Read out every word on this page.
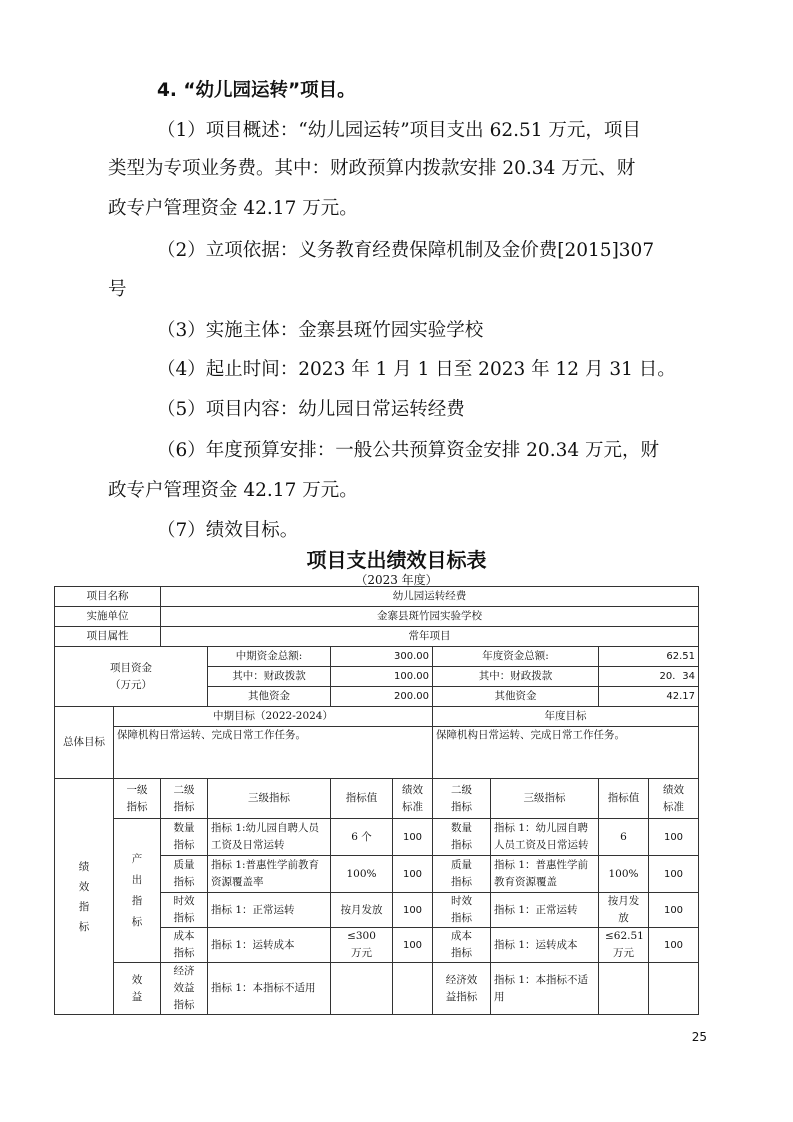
4. “幼儿园运转”项目。
（1）项目概述：“幼儿园运转”项目支出 62.51 万元，项目
类型为专项业务费。其中：财政预算内拨款安排 20.34 万元、财
政专户管理资金 42.17 万元。
（2）立项依据：义务教育经费保障机制及金价费[2015]307
号
（3）实施主体：金寨县斑竹园实验学校
（4）起止时间：2023 年 1 月 1 日至 2023 年 12 月 31 日。
（5）项目内容：幼儿园日常运转经费
（6）年度预算安排：一般公共预算资金安排 20.34 万元，财
政专户管理资金 42.17 万元。
（7）绩效目标。
项目支出绩效目标表
（2023 年度）
项目名称		幼儿园运转经费							
实施单位		金寨县斑竹园实验学校							
项目属性		常年项目							

项目资金
（万元）			中期资金总额:	300.00		年度资金总额:		62.51	
			其中：财政拨款	100.00		其中：财政拨款		20．34	
			其他资金	200.00		其他资金		42.17	
总体目标	中期目标（2022-2024）					年度目标			
	保障机构日常运转、完成日常工作任务。					保障机构日常运转、完成日常工作任务。			
绩效指标	一级指标	二级指标	三级指标	指标值	绩效标准	二级指标	三级指标	指标值	绩效标准
	产出指标	数量指标	指标 1:幼儿园自聘人员工资及日常运转	6 个	100	数量指标	指标 1：幼儿园自聘人员工资及日常运转	6	100
		质量指标	指标 1:普惠性学前教育资源覆盖率	100%	100	质量指标	指标 1：普惠性学前教育资源覆盖	100%	100
		时效指标	指标 1：正常运转	按月发放	100	时效指标	指标 1：正常运转	按月发放	100
		成本指标	指标 1：运转成本	≤300万元	100	成本指标	指标 1：运转成本	≤62.51万元	100
	效益	经济效益指标	指标 1：本指标不适用			经济效益指标	指标 1：本指标不适用		
25
